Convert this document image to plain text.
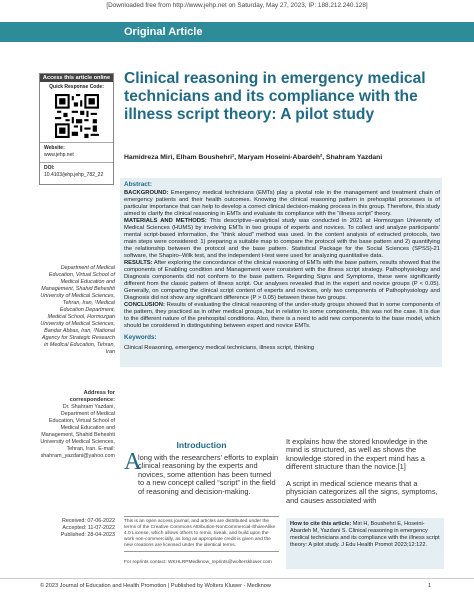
[Downloaded free from http://www.jehp.net on Saturday, May 27, 2023, IP: 188.212.240.128]
Original Article
Access this article online
Quick Response Code:
Website:
www.jehp.net
DOI:
10.4103/jehp.jehp_782_22
Clinical reasoning in emergency medical technicians and its compliance with the illness script theory: A pilot study
Hamidreza Miri, Elham Boushehri¹, Maryam Hoseini-Abardeh², Shahram Yazdani
Abstract:

BACKGROUND: Emergency medical technicians (EMTs) play a pivotal role in the management and treatment chain of emergency patients and their health outcomes. Knowing the clinical reasoning pattern in prehospital processes is of particular importance that can help to develop a correct clinical decision-making process in this group. Therefore, this study aimed to clarify the clinical reasoning in EMTs and evaluate its compliance with the “illness script” theory.

MATERIALS AND METHODS: This descriptive–analytical study was conducted in 2021 at Hormozgan University of Medical Sciences (HUMS) by involving EMTs in two groups of experts and novices. To collect and analyze participants’ mental script-based information, the “think aloud” method was used. In the content analysis of extracted protocols, two main steps were considered: 1) preparing a suitable map to compare the protocol with the base pattern and 2) quantifying the relationship between the protocol and the base pattern. Statistical Package for the Social Sciences (SPSS)-21 software, the Shapiro–Wilk test, and the independent t-test were used for analyzing quantitative data.

RESULTS: After exploring the concordance of the clinical reasoning of EMTs with the base pattern, results showed that the components of Enabling condition and Management were consistent with the illness script strategy. Pathophysiology and Diagnosis components did not conform to the base pattern. Regarding Signs and Symptoms, these were significantly different from the classic pattern of illness script. Our analyses revealed that in the expert and novice groups (P < 0.05). Generally, on comparing the clinical script content of experts and novices, only two components of Pathophysiology and Diagnosis did not show any significant difference (P > 0.05) between these two groups.

CONCLUSION: Results of evaluating the clinical reasoning of the under-study groups showed that in some components of the pattern, they practiced as in other medical groups, but in relation to some components, this was not the case. It is due to the different nature of the prehospital conditions. Also, there is a need to add new components to the base model, which should be considered in distinguishing between expert and novice EMTs.

Keywords:
Clinical Reasoning, emergency medical technicians, illness script, thinking
Department of Medical Education, Virtual School of Medical Education and Management, Shahid Beheshti University of Medical Sciences, Tehran, Iran, ¹Medical Education Department, Medical School, Hormozgan University of Medical Sciences, Bandar Abbas, Iran, ²National Agency for Strategic Research in Medical Education, Tehran, Iran
Address for correspondence:
Dr. Shahram Yazdani, Department of Medical Education, Virtual School of Medical Education and Management, Shahid Beheshti University of Medical Sciences, Tehran, Iran. E-mail: shahram_yazdani@yahoo.com
Received: 07-06-2022
Accepted: 11-07-2022
Published: 28-04-2023
Introduction
A
long with the researchers’ efforts to explain clinical reasoning by the experts and novices, some attention has been turned to a new concept called “script” in the field of reasoning and decision-making.
It explains how the stored knowledge in the mind is structured, as well as shows the knowledge stored in the expert mind has a different structure than the novice.[1]
A script in medical science means that a physician categorizes all the signs, symptoms, and causes associated with
This is an open access journal, and articles are distributed under the terms of the Creative Commons Attribution-NonCommercial-ShareAlike 4.0 License, which allows others to remix, tweak, and build upon the work non-commercially, as long as appropriate credit is given and the new creations are licensed under the identical terms.
For reprints contact: WKHLRPMedknow_reprints@wolterskluwer.com
How to cite this article: Miri H, Boushehri E, Hoseini-Abardeh M, Yazdani S. Clinical reasoning in emergency medical technicians and its compliance with the illness script theory: A pilot study. J Edu Health Promot 2023;12:122.
© 2023 Journal of Education and Health Promotion | Published by Wolters Kluwer - Medknow	1
